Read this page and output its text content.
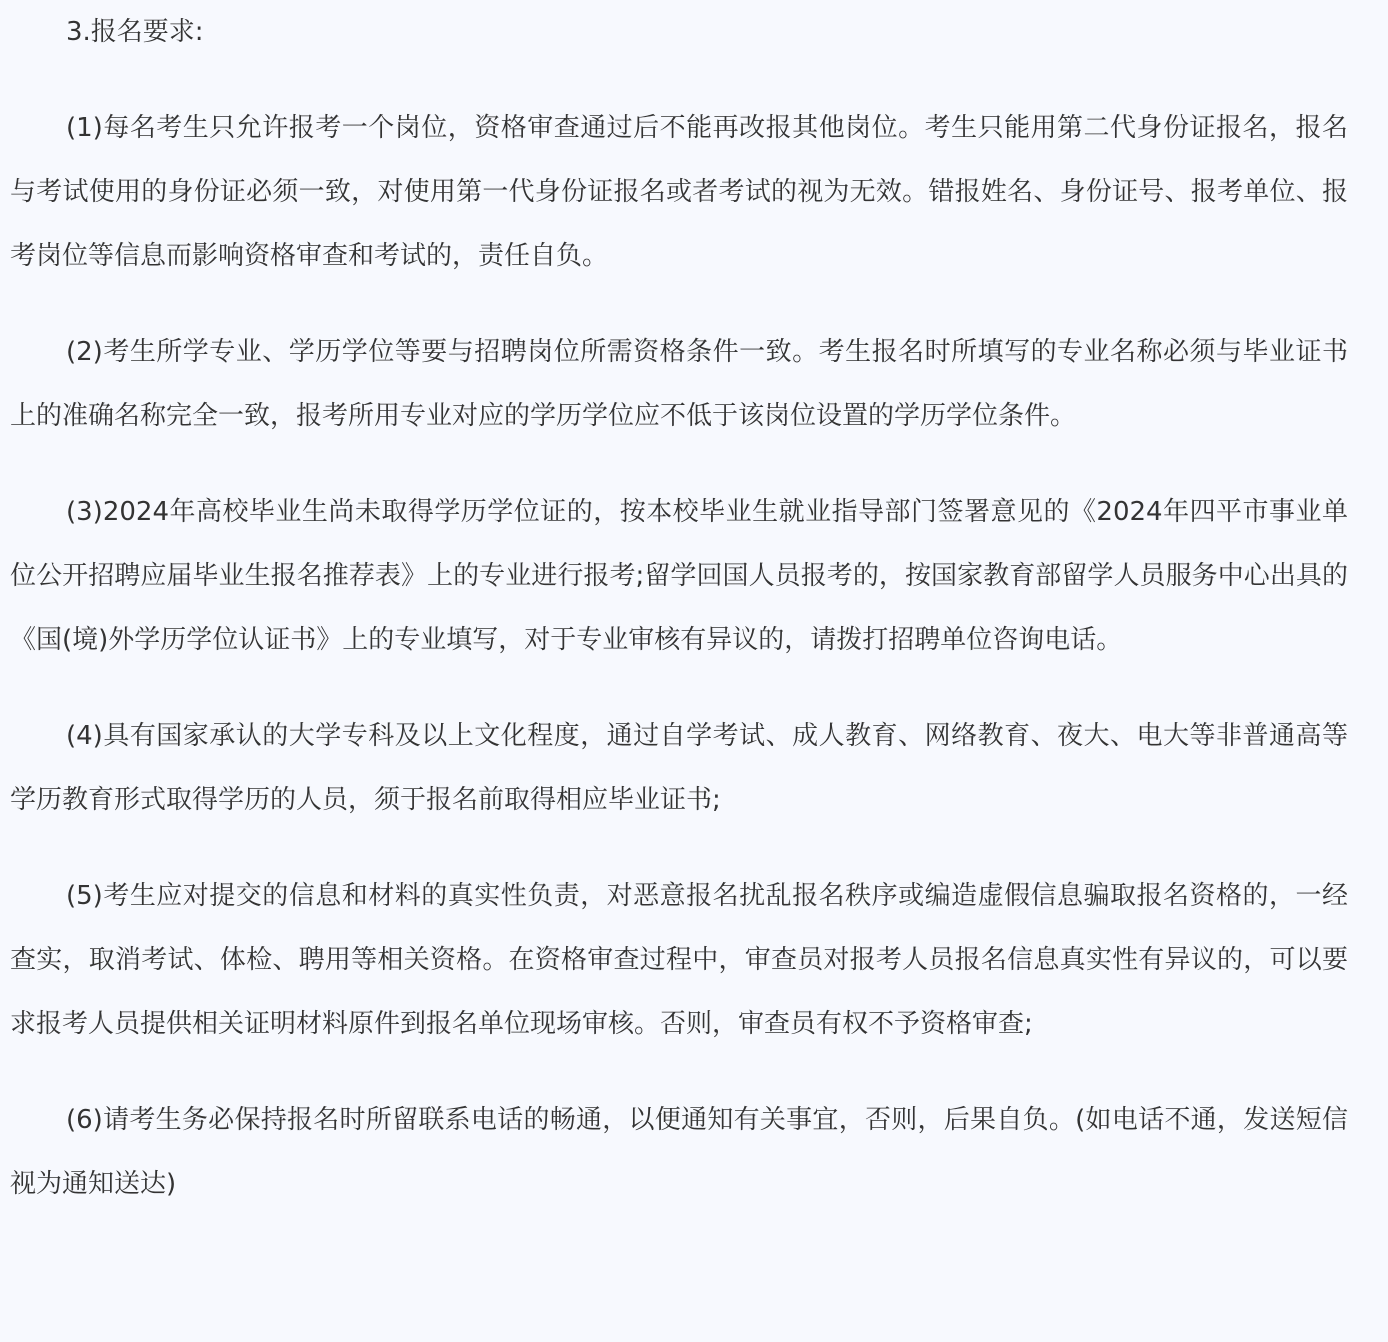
3.报名要求:

(1)每名考生只允许报考一个岗位，资格审查通过后不能再改报其他岗位。考生只能用第二代身份证报名，报名与考试使用的身份证必须一致，对使用第一代身份证报名或者考试的视为无效。错报姓名、身份证号、报考单位、报考岗位等信息而影响资格审查和考试的，责任自负。

(2)考生所学专业、学历学位等要与招聘岗位所需资格条件一致。考生报名时所填写的专业名称必须与毕业证书上的准确名称完全一致，报考所用专业对应的学历学位应不低于该岗位设置的学历学位条件。

(3)2024年高校毕业生尚未取得学历学位证的，按本校毕业生就业指导部门签署意见的《2024年四平市事业单位公开招聘应届毕业生报名推荐表》上的专业进行报考;留学回国人员报考的，按国家教育部留学人员服务中心出具的《国(境)外学历学位认证书》上的专业填写，对于专业审核有异议的，请拨打招聘单位咨询电话。

(4)具有国家承认的大学专科及以上文化程度，通过自学考试、成人教育、网络教育、夜大、电大等非普通高等学历教育形式取得学历的人员，须于报名前取得相应毕业证书;

(5)考生应对提交的信息和材料的真实性负责，对恶意报名扰乱报名秩序或编造虚假信息骗取报名资格的，一经查实，取消考试、体检、聘用等相关资格。在资格审查过程中，审查员对报考人员报名信息真实性有异议的，可以要求报考人员提供相关证明材料原件到报名单位现场审核。否则，审查员有权不予资格审查;

(6)请考生务必保持报名时所留联系电话的畅通，以便通知有关事宜，否则，后果自负。(如电话不通，发送短信视为通知送达)
